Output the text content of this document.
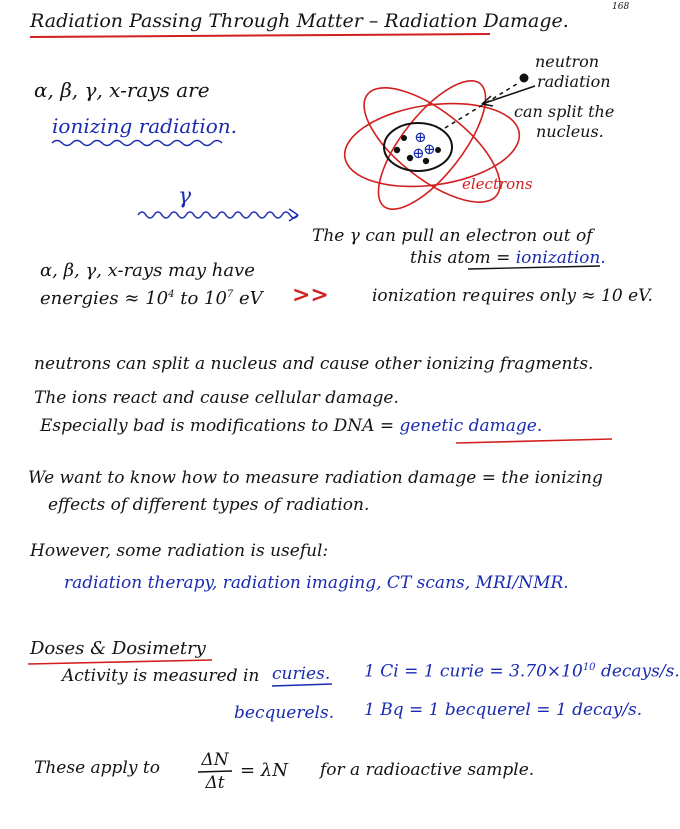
168
Radiation Passing Through Matter – Radiation Damage.
α, β, γ, x-rays are
ionizing radiation.
neutron
radiation
can split the
nucleus.
electrons
γ
⊕
⊕
⊕
The γ can pull an electron out of
this atom = ionization.
α, β, γ, x-rays may have
energies ≈ $10^4$ to $10^7$ eV >>	ionization requires only ≈ 10 eV.
neutrons can split a nucleus and cause other ionizing fragments.
The ions react and cause cellular damage.
Especially bad is modifications to DNA = genetic damage.
We want to know how to measure radiation damage = the ionizing
effects of different types of radiation.
However, some radiation is useful:
radiation therapy, radiation imaging, CT scans, MRI/NMR.
Doses & Dosimetry
Activity is measured in curies. 1 Ci = 1 curie = $3.70\times 10^{10}$ decays/s.
becquerels. 1 Bq = 1 becquerel = 1 decay/s.
These apply to ΔN
Δt
= λN for a radioactive sample.
